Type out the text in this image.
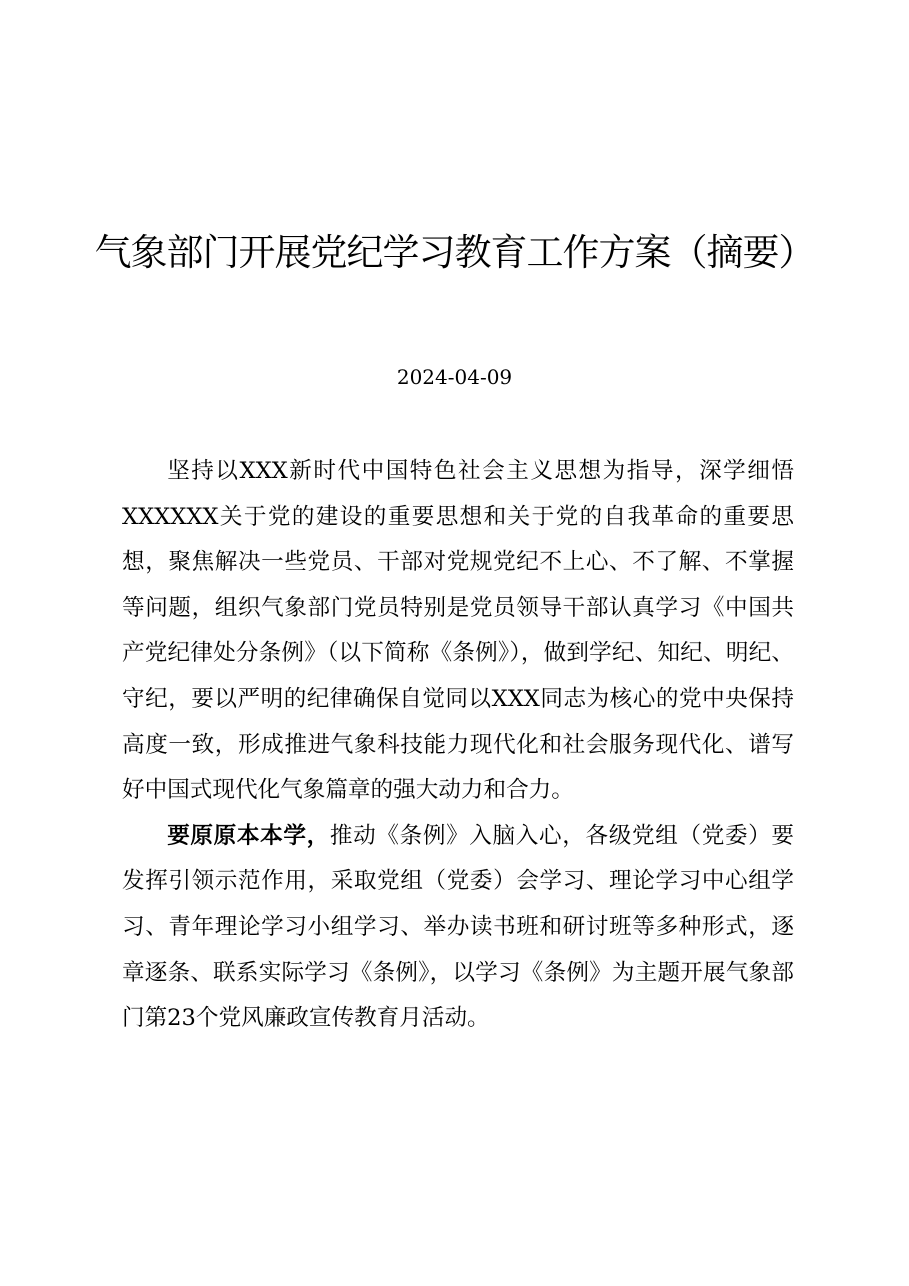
气象部门开展党纪学习教育工作方案（摘要）
2024-04-09

坚持以XXX新时代中国特色社会主义思想为指导，深学细悟XXXXXX关于党的建设的重要思想和关于党的自我革命的重要思想，聚焦解决一些党员、干部对党规党纪不上心、不了解、不掌握等问题，组织气象部门党员特别是党员领导干部认真学习《中国共产党纪律处分条例》（以下简称《条例》），做到学纪、知纪、明纪、守纪，要以严明的纪律确保自觉同以XXX同志为核心的党中央保持高度一致，形成推进气象科技能力现代化和社会服务现代化、谱写好中国式现代化气象篇章的强大动力和合力。

要原原本本学，推动《条例》入脑入心，各级党组（党委）要发挥引领示范作用，采取党组（党委）会学习、理论学习中心组学习、青年理论学习小组学习、举办读书班和研讨班等多种形式，逐章逐条、联系实际学习《条例》，以学习《条例》为主题开展气象部门第23个党风廉政宣传教育月活动。
